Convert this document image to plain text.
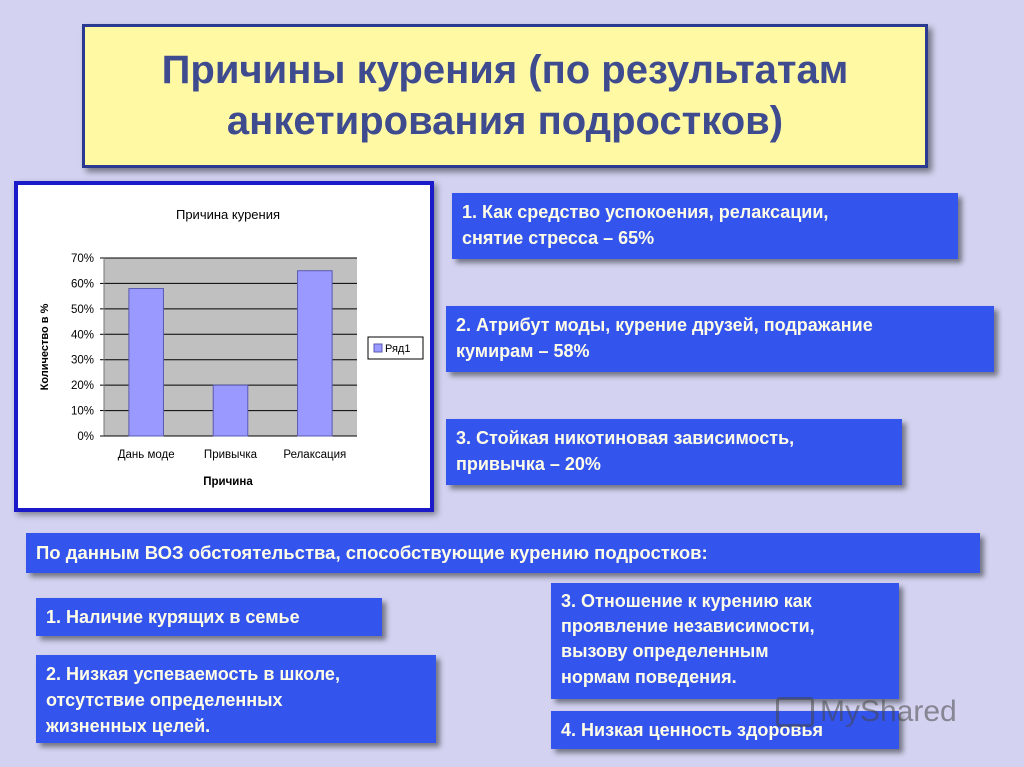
Причины курения (по результатам анкетирования подростков)
Причина курения
0%
10%
20%
30%
40%
50%
60%
70%
Дань моде	Привычка Релаксация
Причина
Количество в %	Ряд1
1. Как средство успокоения, релаксации,
снятие стресса – 65%
2. Атрибут моды, курение друзей, подражание
кумирам – 58%
3. Стойкая никотиновая зависимость,
привычка – 20%
По данным ВОЗ обстоятельства, способствующие курению подростков:
1. Наличие курящих в семье
2. Низкая успеваемость в школе,
отсутствие определенных
жизненных целей.
3. Отношение к курению как
проявление независимости,
вызову определенным
нормам поведения.
4. Низкая ценность здоровья
MyShared
